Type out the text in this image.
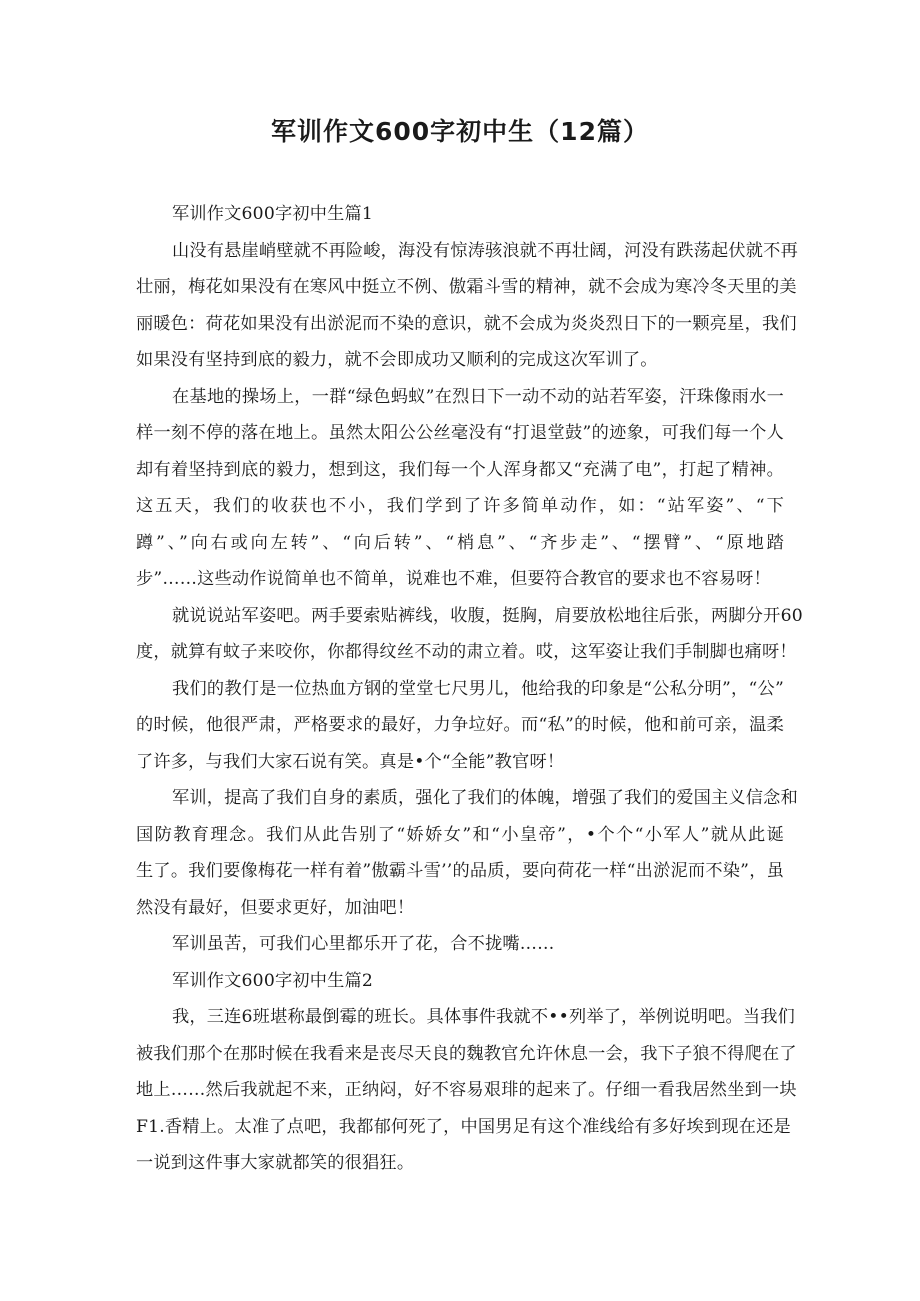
军训作文600字初中生（12篇）
军训作文600字初中生篇1
山没有悬崖峭壁就不再险峻，海没有惊涛骇浪就不再壮阔，河没有跌荡起伏就不再
壮丽，梅花如果没有在寒风中挺立不例、傲霜斗雪的精神，就不会成为寒冷冬天里的美
丽暖色：荷花如果没有出淤泥而不染的意识，就不会成为炎炎烈日下的一颗亮星，我们
如果没有坚持到底的毅力，就不会即成功又顺利的完成这次军训了。
在基地的操场上，一群“绿色蚂蚁”在烈日下一动不动的站若军姿，汗珠像雨水一
样一刻不停的落在地上。虽然太阳公公丝毫没有“打退堂鼓”的迹象，可我们每一个人
却有着坚持到底的毅力，想到这，我们每一个人浑身都又“充满了电”，打起了精神。
这五天，我们的收获也不小，我们学到了许多简单动作，如：“站军姿”、“下
蹲”、”向右或向左转”、“向后转”、“梢息”、“齐步走”、“摆臂”、“原地踏
步”……这些动作说简单也不简单，说难也不难，但要符合教官的要求也不容易呀！
就说说站军姿吧。两手要索贴裤线，收腹，挺胸，肩要放松地往后张，两脚分开60
度，就算有蚊子来咬你，你都得纹丝不动的肃立着。哎，这军姿让我们手制脚也痛呀！
我们的教仃是一位热血方钢的堂堂七尺男儿，他给我的印象是“公私分明”，“公”
的时候，他很严肃，严格要求的最好，力争垃好。而“私”的时候，他和前可亲，温柔
了许多，与我们大家石说有笑。真是•个“全能”教官呀！
军训，提高了我们自身的素质，强化了我们的体魄，增强了我们的爱国主义信念和
国防教育理念。我们从此告别了“娇娇女”和“小皇帝”，•个个“小军人”就从此诞
生了。我们要像梅花一样有着”傲霸斗雪’’的品质，要向荷花一样“出淤泥而不染”，虽
然没有最好，但要求更好，加油吧！
军训虽苦，可我们心里都乐开了花，合不拢嘴……
军训作文600字初中生篇2
我，三连6班堪称最倒霉的班长。具体事件我就不••列举了，举例说明吧。当我们
被我们那个在那时候在我看来是丧尽天良的魏教官允许休息一会，我下子狼不得爬在了
地上……然后我就起不来，正纳闷，好不容易艰琲的起来了。仔细一看我居然坐到一块
F1.香精上。太准了点吧，我都郁何死了，中国男足有这个准线给有多好埃到现在还是
一说到这件事大家就都笑的很猖狂。
